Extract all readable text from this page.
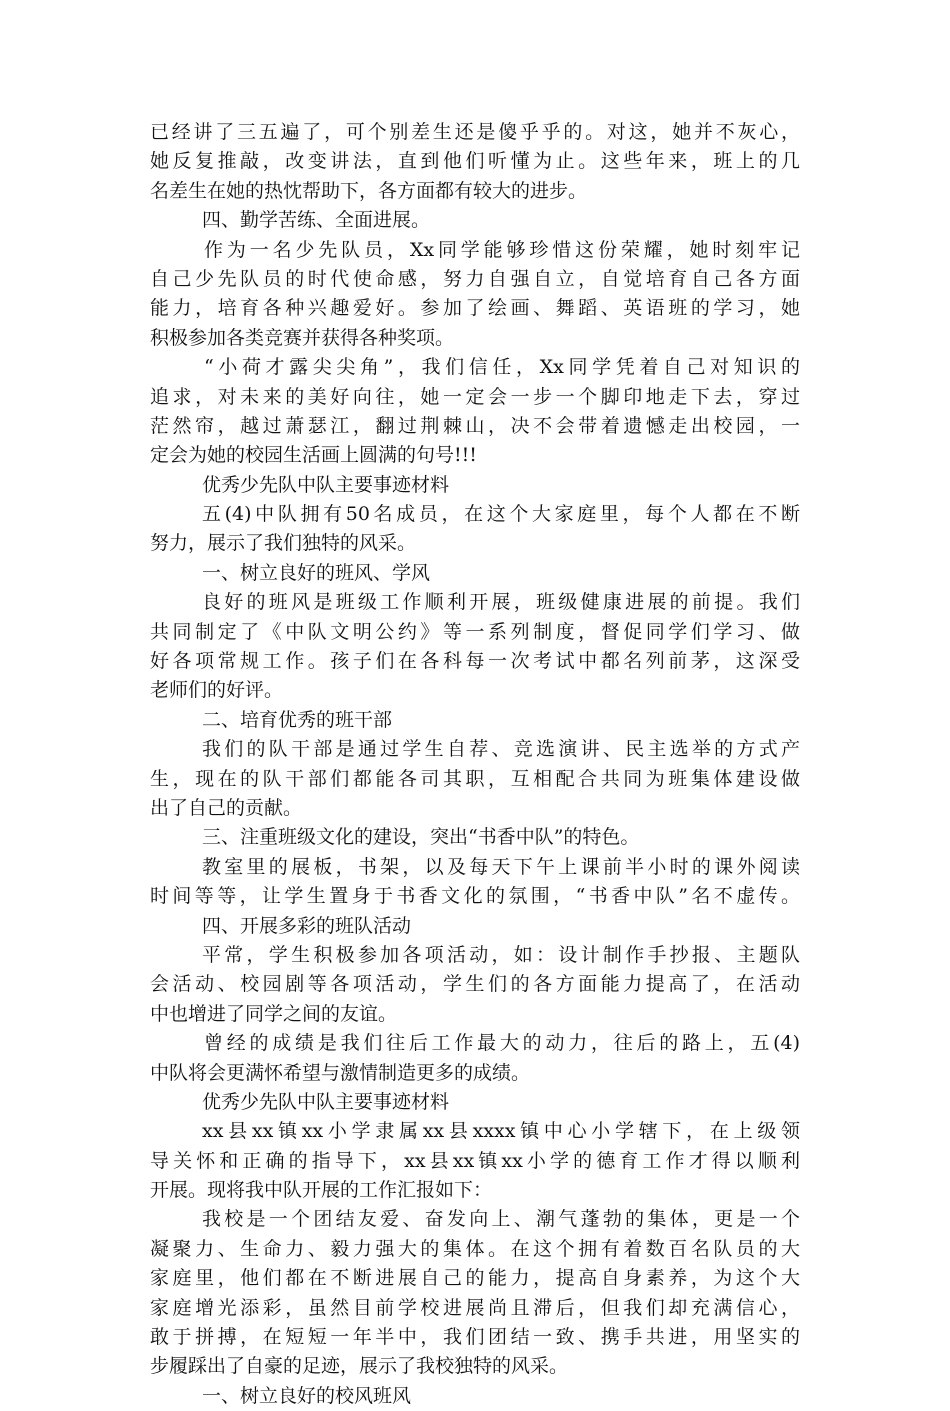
已经讲了三五遍了，可个别差生还是傻乎乎的。对这，她并不灰心，
她反复推敲，改变讲法，直到他们听懂为止。这些年来，班上的几
名差生在她的热忱帮助下，各方面都有较大的进步。
四、勤学苦练、全面进展。
作为一名少先队员，Xx同学能够珍惜这份荣耀，她时刻牢记
自己少先队员的时代使命感，努力自强自立，自觉培育自己各方面
能力，培育各种兴趣爱好。参加了绘画、舞蹈、英语班的学习，她
积极参加各类竞赛并获得各种奖项。
“小荷才露尖尖角”，我们信任，Xx同学凭着自己对知识的
追求，对未来的美好向往，她一定会一步一个脚印地走下去，穿过
茫然帘，越过萧瑟江，翻过荆棘山，决不会带着遗憾走出校园，一
定会为她的校园生活画上圆满的句号!!!
优秀少先队中队主要事迹材料
五(4)中队拥有50名成员，在这个大家庭里，每个人都在不断
努力，展示了我们独特的风采。
一、树立良好的班风、学风
良好的班风是班级工作顺利开展，班级健康进展的前提。我们
共同制定了《中队文明公约》等一系列制度，督促同学们学习、做
好各项常规工作。孩子们在各科每一次考试中都名列前茅，这深受
老师们的好评。
二、培育优秀的班干部
我们的队干部是通过学生自荐、竞选演讲、民主选举的方式产
生，现在的队干部们都能各司其职，互相配合共同为班集体建设做
出了自己的贡献。
三、注重班级文化的建设，突出“书香中队”的特色。
教室里的展板，书架，以及每天下午上课前半小时的课外阅读
时间等等，让学生置身于书香文化的氛围，“书香中队”名不虚传。
四、开展多彩的班队活动
平常，学生积极参加各项活动，如：设计制作手抄报、主题队
会活动、校园剧等各项活动，学生们的各方面能力提高了，在活动
中也增进了同学之间的友谊。
曾经的成绩是我们往后工作最大的动力，往后的路上，五(4)
中队将会更满怀希望与激情制造更多的成绩。
优秀少先队中队主要事迹材料
xx县xx镇xx小学隶属xx县xxxx镇中心小学辖下，在上级领
导关怀和正确的指导下，xx县xx镇xx小学的德育工作才得以顺利
开展。现将我中队开展的工作汇报如下：
我校是一个团结友爱、奋发向上、潮气蓬勃的集体，更是一个
凝聚力、生命力、毅力强大的集体。在这个拥有着数百名队员的大
家庭里，他们都在不断进展自己的能力，提高自身素养，为这个大
家庭增光添彩，虽然目前学校进展尚且滞后，但我们却充满信心，
敢于拼搏，在短短一年半中，我们团结一致、携手共进，用坚实的
步履踩出了自豪的足迹，展示了我校独特的风采。
一、树立良好的校风班风
